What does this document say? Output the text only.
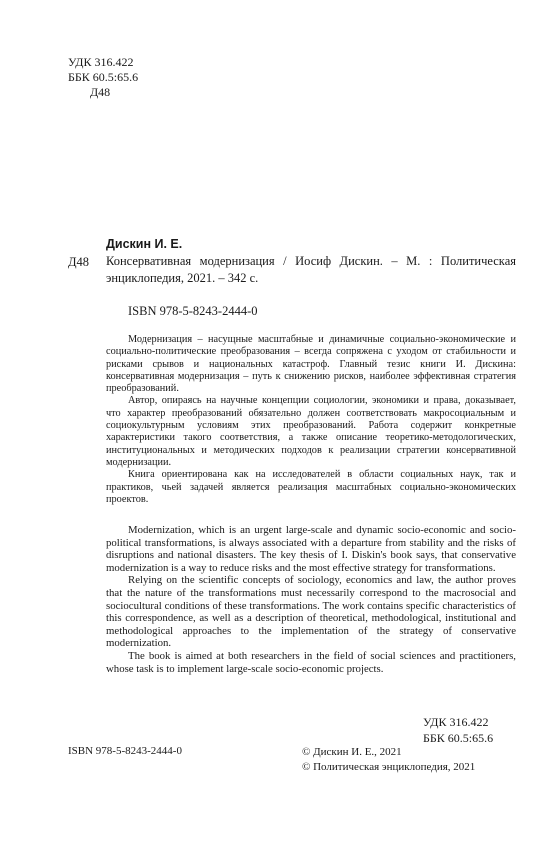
УДК 316.422
ББК 60.5:65.6
Д48
Д48
Дискин И. Е.
Консервативная модернизация / Иосиф Дискин. – М. : Политическая энциклопедия, 2021. – 342 с.
ISBN 978-5-8243-2444-0

Модернизация – насущные масштабные и динамичные социально-экономические и социально-политические преобразования – всегда сопряжена с уходом от стабильности и рисками срывов и национальных катастроф. Главный тезис книги И. Дискина: консервативная модернизация – путь к снижению рисков, наиболее эффективная стратегия преобразований.

Автор, опираясь на научные концепции социологии, экономики и права, доказывает, что характер преобразований обязательно должен соответствовать макросоциальным и социокультурным условиям этих преобразований. Работа содержит конкретные характеристики такого соответствия, а также описание теоретико-методологических, институциональных и методических подходов к реализации стратегии консервативной модернизации.

Книга ориентирована как на исследователей в области социальных наук, так и практиков, чьей задачей является реализация масштабных социально-экономических проектов.

Modernization, which is an urgent large-scale and dynamic socio-economic and socio-political transformations, is always associated with a departure from stability and the risks of disruptions and national disasters. The key thesis of I. Diskin's book says, that conservative modernization is a way to reduce risks and the most effective strategy for transformations.

Relying on the scientific concepts of sociology, economics and law, the author proves that the nature of the transformations must necessarily correspond to the macrosocial and sociocultural conditions of these transformations. The work contains specific characteristics of this correspondence, as well as a description of theoretical, methodological, institutional and methodological approaches to the implementation of the strategy of conservative modernization.

The book is aimed at both researchers in the field of social sciences and practitioners, whose task is to implement large-scale socio-economic projects.

УДК 316.422
ББК 60.5:65.6
ISBN 978-5-8243-2444-0	© Дискин И. Е., 2021
© Политическая энциклопедия, 2021
